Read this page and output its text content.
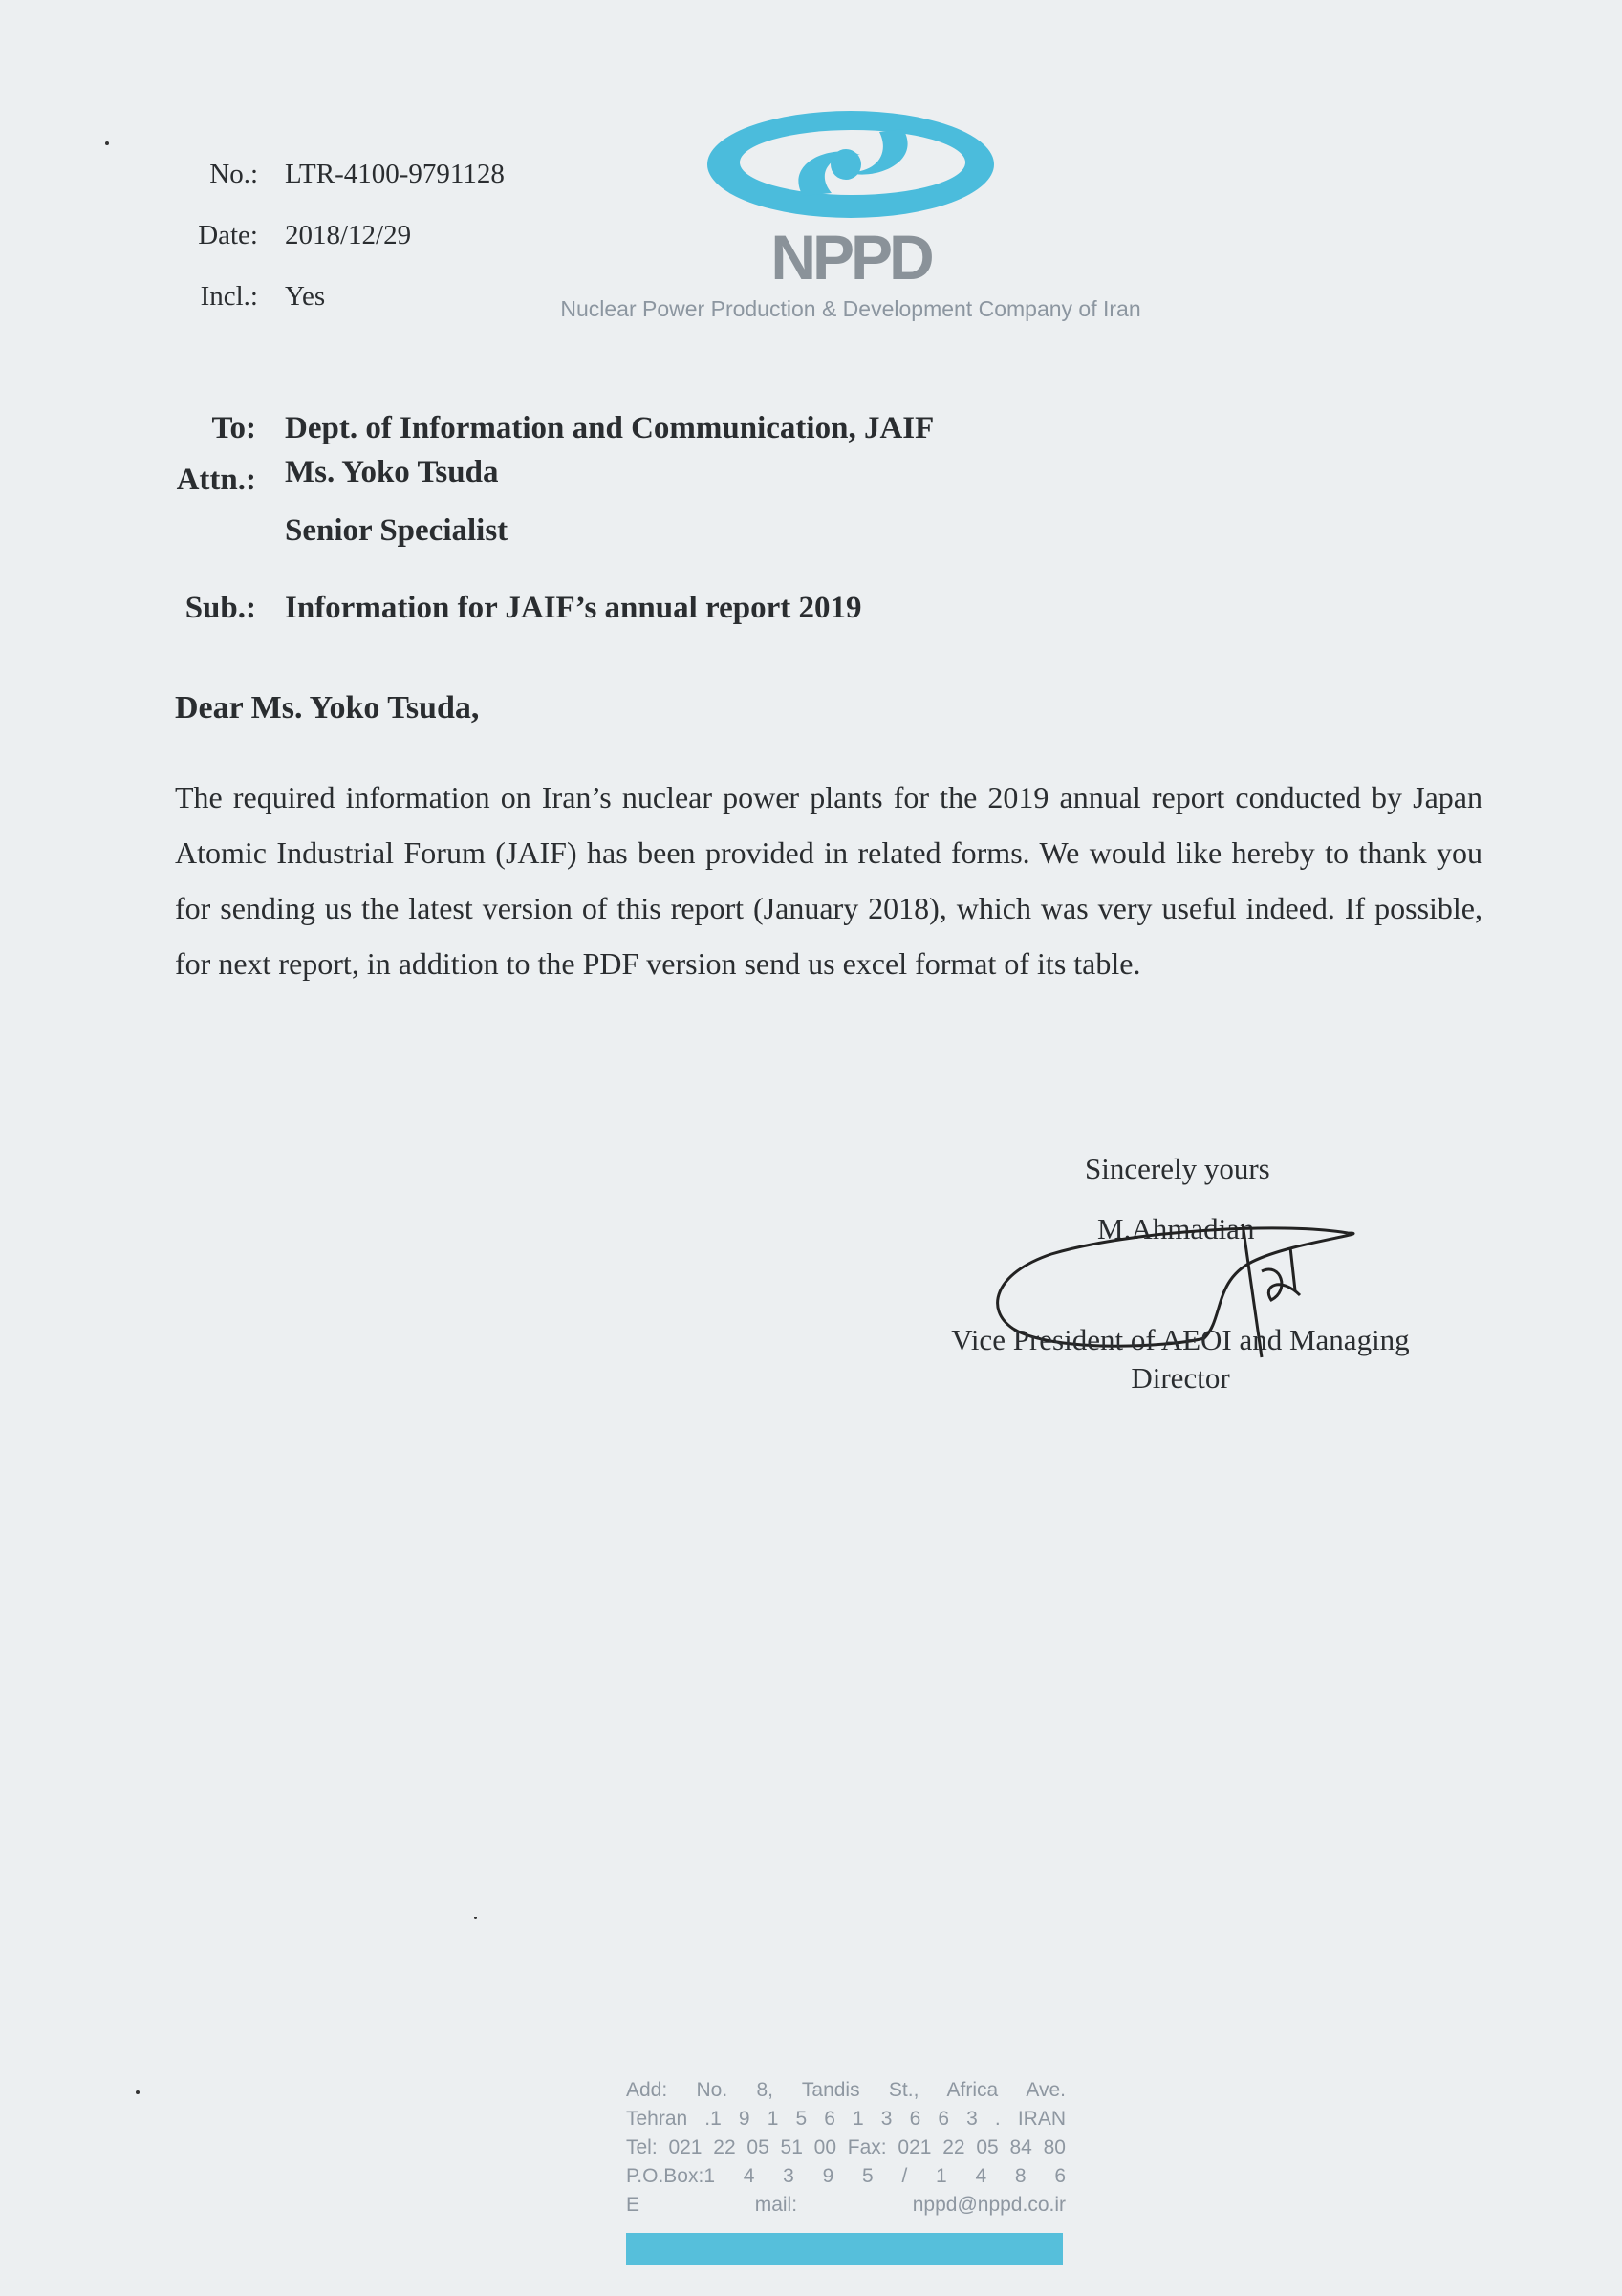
No.: LTR-4100-9791128
Date: 2018/12/29
Incl.: Yes
NPPD
Nuclear Power Production & Development Company of Iran
To: Dept. of Information and Communication, JAIF
Attn.: Ms. Yoko Tsuda
Senior Specialist
Sub.: Information for JAIF’s annual report 2019
Dear Ms. Yoko Tsuda,
The required information on Iran’s nuclear power plants for the 2019 annual report conducted by Japan Atomic Industrial Forum (JAIF) has been provided in related forms. We would like hereby to thank you for sending us the latest version of this report (January 2018), which was very useful indeed. If possible, for next report, in addition to the PDF version send us excel format of its table.
Sincerely yours
M.Ahmadian
Vice President of AEOI and Managing
Director
Add: No. 8, Tandis St., Africa Ave.
Tehran .1 9 1 5 6 1 3 6 6 3 . IRAN
Tel: 021 22 05 51 00 Fax: 021 22 05 84 80
P.O.Box:1 4 3 9 5 / 1 4 8 6
E mail: nppd@nppd.co.ir
